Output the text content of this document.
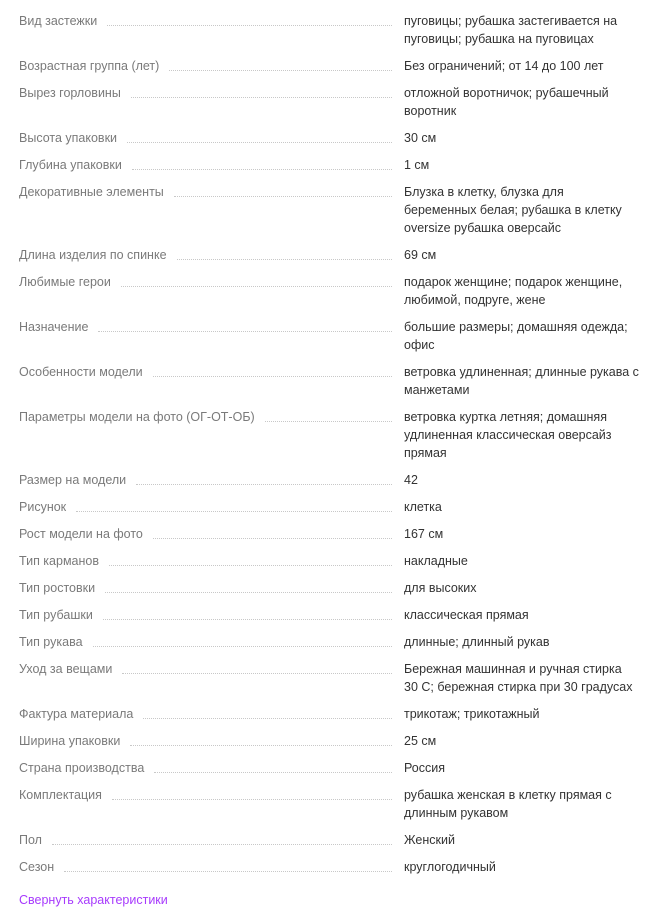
Вид застежки	пуговицы; рубашка застегивается на пуговицы; рубашка на пуговицах
Возрастная группа (лет)	Без ограничений; от 14 до 100 лет
Вырез горловины	отложной воротничок; рубашечный воротник
Высота упаковки	30 см
Глубина упаковки	1 см
Декоративные элементы	Блузка в клетку, блузка для беременных белая; рубашка в клетку oversize рубашка оверсайс
Длина изделия по спинке	69 см
Любимые герои	подарок женщине; подарок женщине, любимой, подруге, жене
Назначение	большие размеры; домашняя одежда; офис
Особенности модели	ветровка удлиненная; длинные рукава с манжетами
Параметры модели на фото (ОГ-ОТ-ОБ)	ветровка куртка летняя; домашняя удлиненная классическая оверсайз прямая
Размер на модели	42
Рисунок	клетка
Рост модели на фото	167 см
Тип карманов	накладные
Тип ростовки	для высоких
Тип рубашки	классическая прямая
Тип рукава	длинные; длинный рукав
Уход за вещами	Бережная машинная и ручная стирка 30 С; бережная стирка при 30 градусах
Фактура материала	трикотаж; трикотажный
Ширина упаковки	25 см
Страна производства	Россия
Комплектация	рубашка женская в клетку прямая с длинным рукавом
Пол	Женский
Сезон	круглогодичный
Свернуть характеристики
